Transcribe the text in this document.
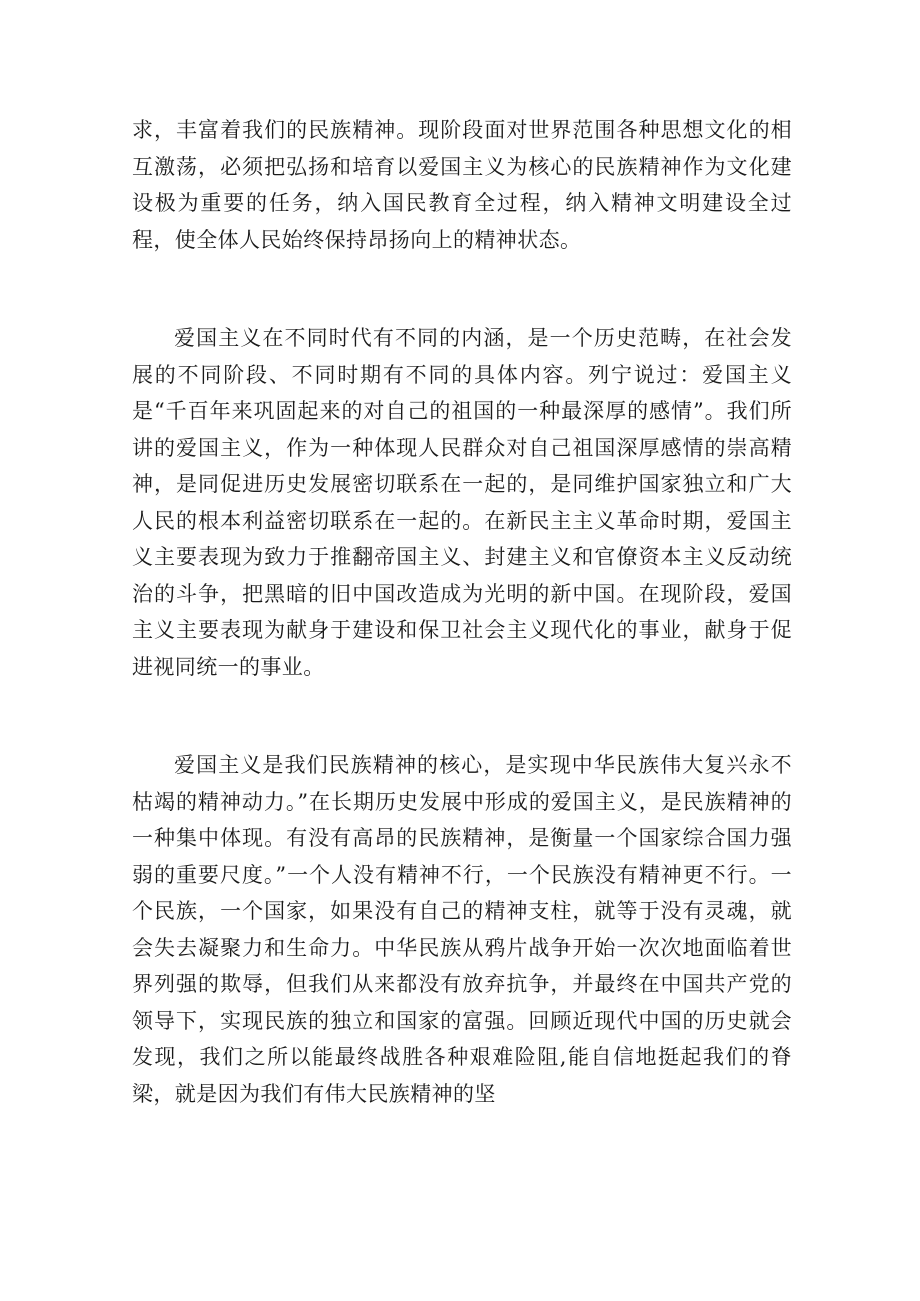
求，丰富着我们的民族精神。现阶段面对世界范围各种思想文化的相互激荡，必须把弘扬和培育以爱国主义为核心的民族精神作为文化建设极为重要的任务，纳入国民教育全过程，纳入精神文明建设全过程，使全体人民始终保持昂扬向上的精神状态。

爱国主义在不同时代有不同的内涵，是一个历史范畴，在社会发展的不同阶段、不同时期有不同的具体内容。列宁说过：爱国主义是“千百年来巩固起来的对自己的祖国的一种最深厚的感情”。我们所讲的爱国主义，作为一种体现人民群众对自己祖国深厚感情的崇高精神，是同促进历史发展密切联系在一起的，是同维护国家独立和广大人民的根本利益密切联系在一起的。在新民主主义革命时期，爱国主义主要表现为致力于推翻帝国主义、封建主义和官僚资本主义反动统治的斗争，把黑暗的旧中国改造成为光明的新中国。在现阶段，爱国主义主要表现为献身于建设和保卫社会主义现代化的事业，献身于促进视同统一的事业。

爱国主义是我们民族精神的核心，是实现中华民族伟大复兴永不枯竭的精神动力。”在长期历史发展中形成的爱国主义，是民族精神的一种集中体现。有没有高昂的民族精神，是衡量一个国家综合国力强弱的重要尺度。”一个人没有精神不行，一个民族没有精神更不行。一个民族，一个国家，如果没有自己的精神支柱，就等于没有灵魂，就会失去凝聚力和生命力。中华民族从鸦片战争开始一次次地面临着世界列强的欺辱，但我们从来都没有放弃抗争，并最终在中国共产党的领导下，实现民族的独立和国家的富强。回顾近现代中国的历史就会发现，我们之所以能最终战胜各种艰难险阻,能自信地挺起我们的脊梁，就是因为我们有伟大民族精神的坚
